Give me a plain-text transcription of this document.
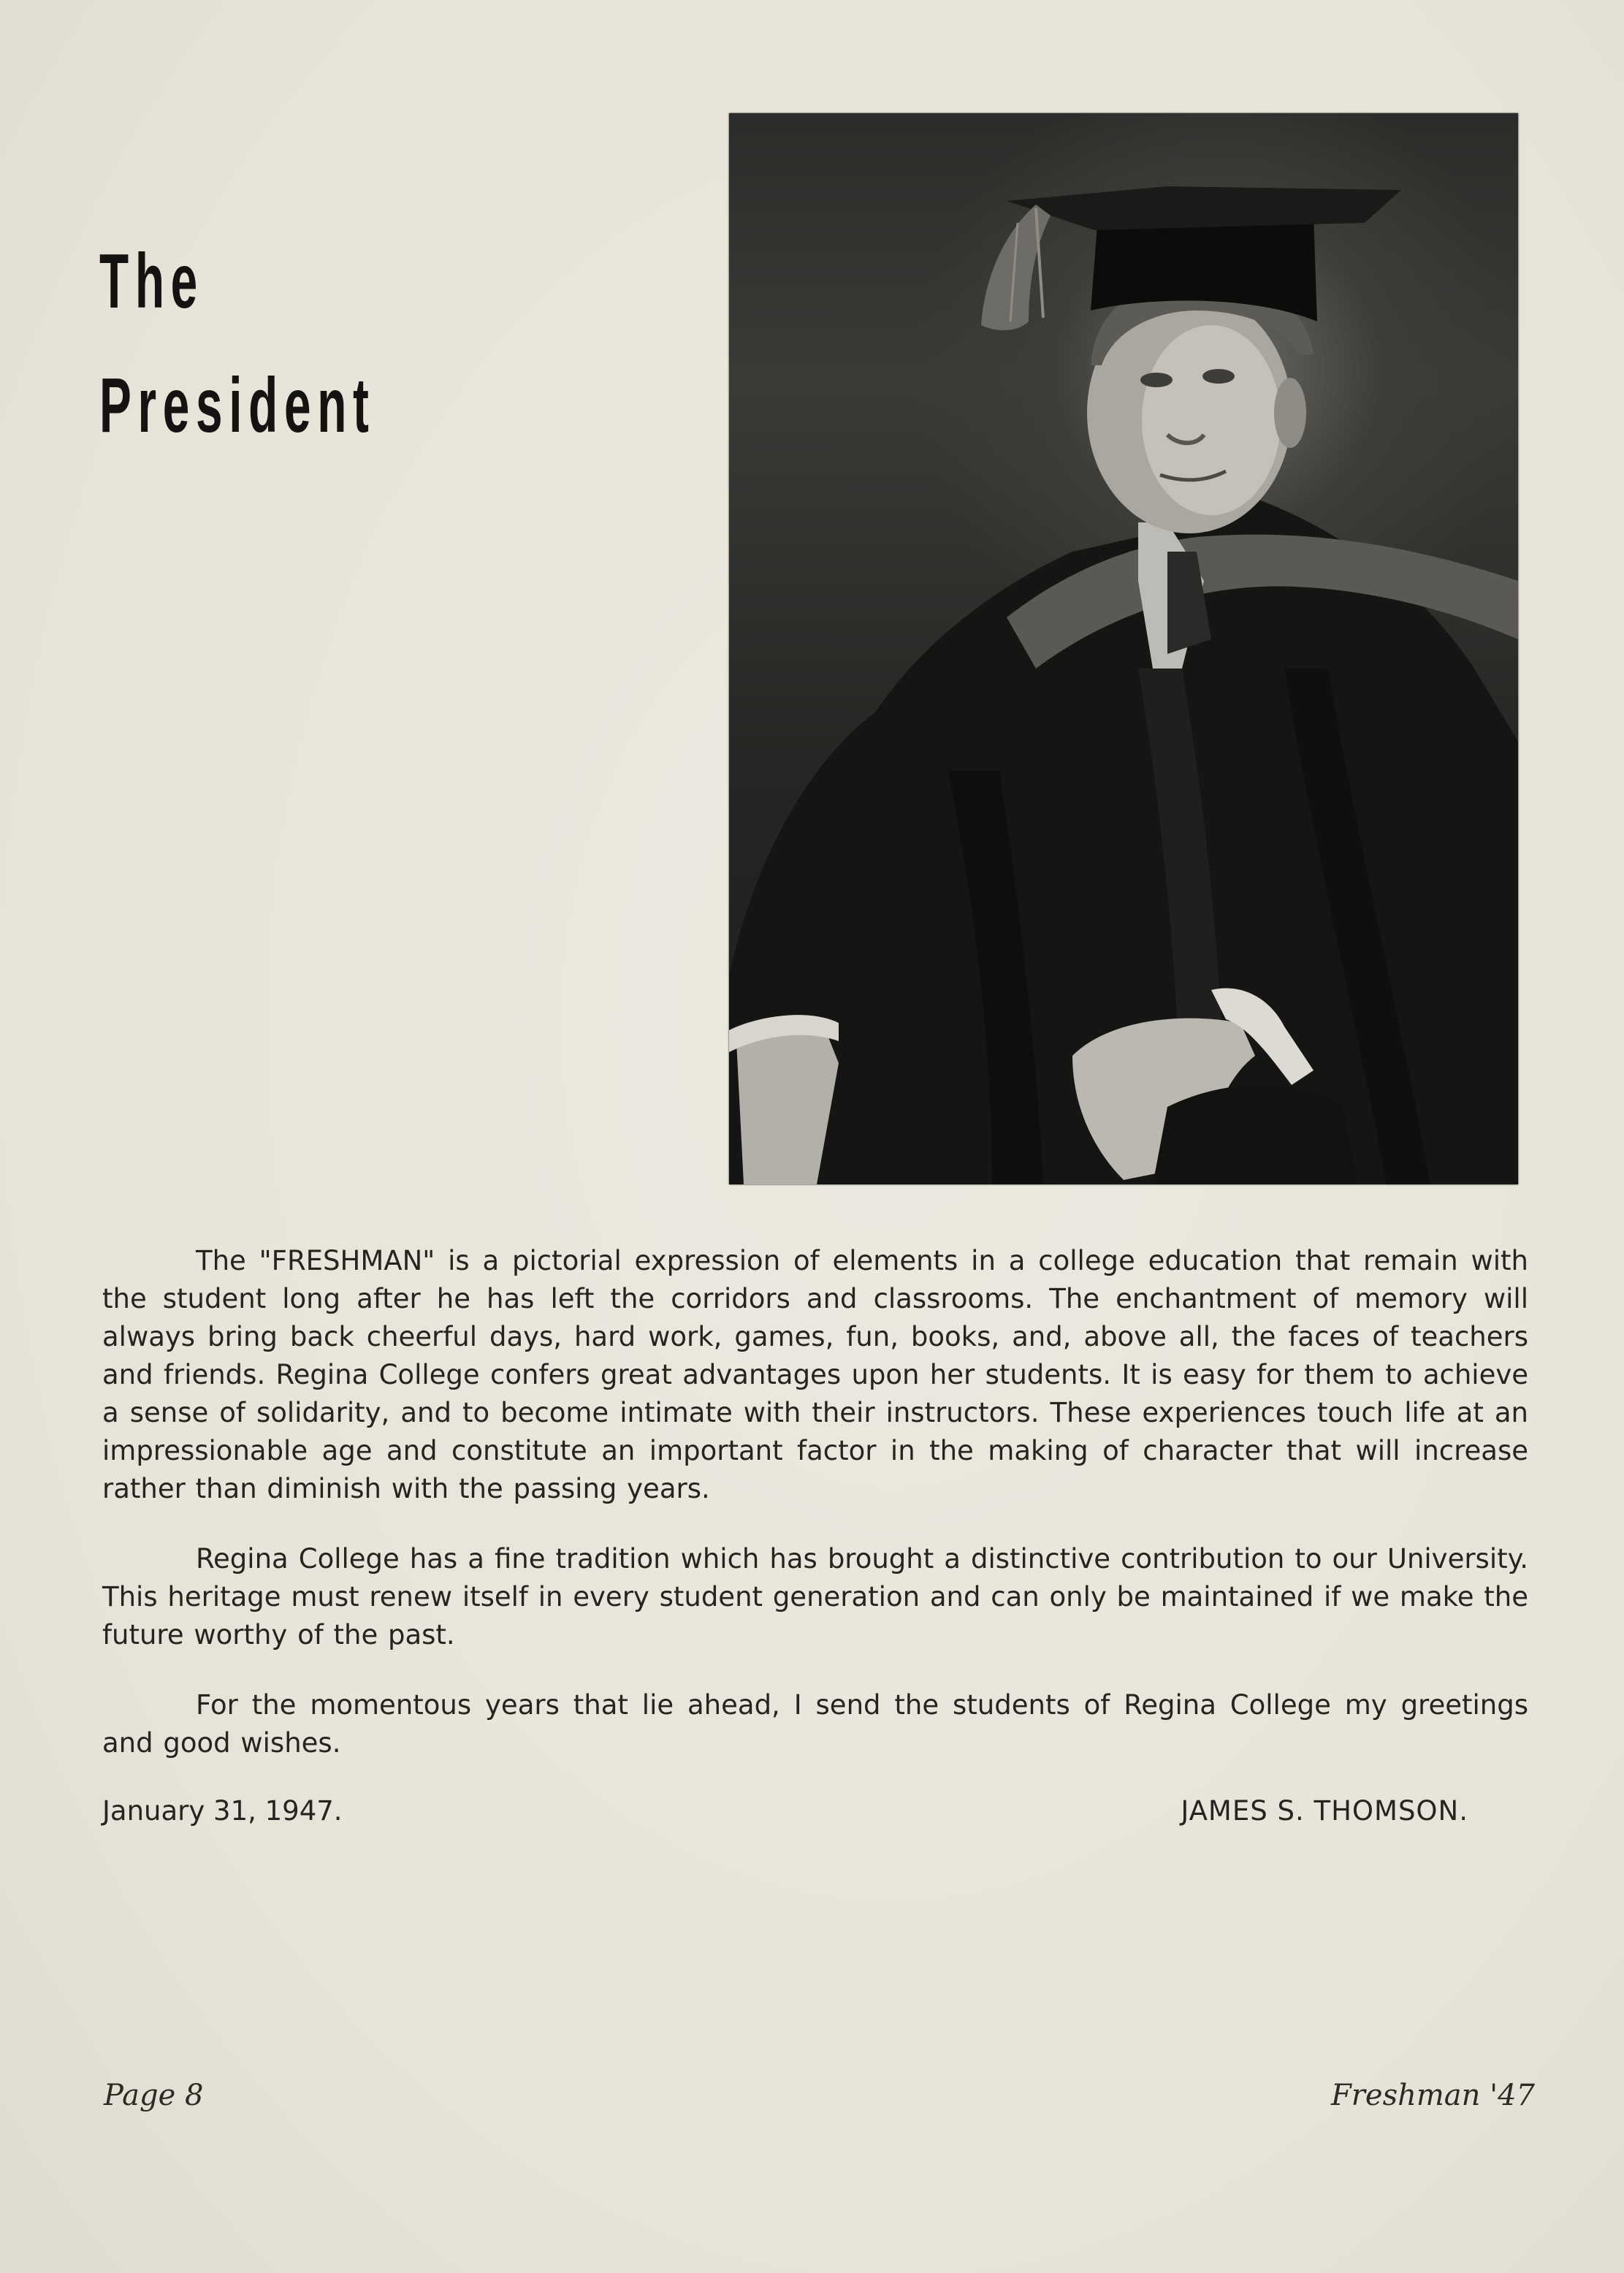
The
President

The "FRESHMAN" is a pictorial expression of elements in a college education that remain with the student long after he has left the corridors and classrooms. The enchantment of memory will always bring back cheerful days, hard work, games, fun, books, and, above all, the faces of teachers and friends. Regina College confers great advantages upon her students. It is easy for them to achieve a sense of solidarity, and to become intimate with their instructors. These experiences touch life at an impressionable age and constitute an important factor in the making of character that will increase rather than diminish with the passing years.

Regina College has a fine tradition which has brought a distinctive contribution to our University. This heritage must renew itself in every student generation and can only be maintained if we make the future worthy of the past.

For the momentous years that lie ahead, I send the students of Regina College my greetings and good wishes.

January 31, 1947.	JAMES S. THOMSON.
Page 8	Freshman '47
